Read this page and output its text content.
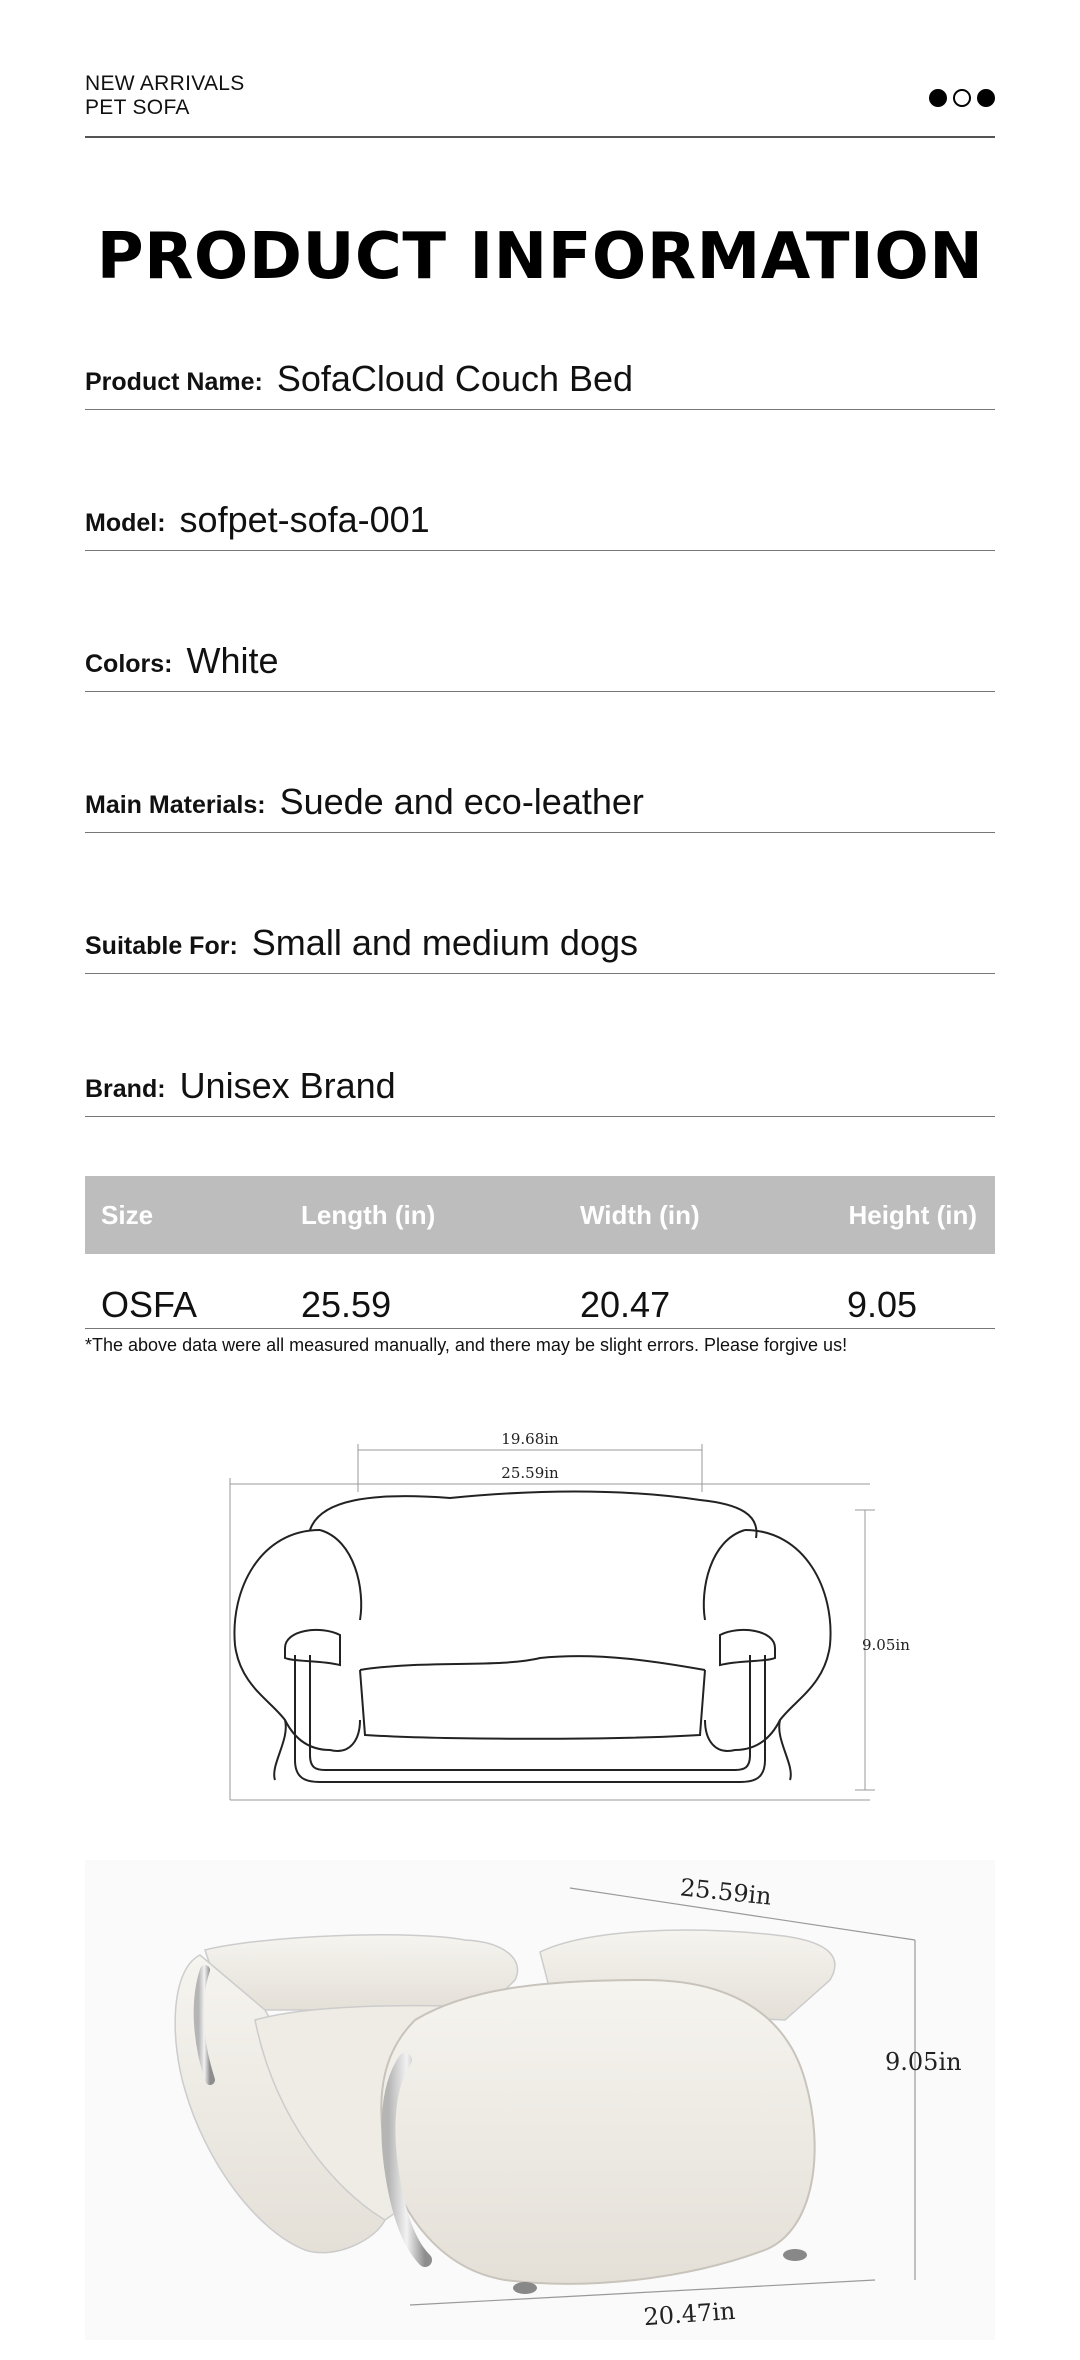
NEW ARRIVALS
PET SOFA
PRODUCT INFORMATION
Product Name: SofaCloud Couch Bed
Model: sofpet-sofa-001
Colors: White
Main Materials: Suede and eco-leather
Suitable For: Small and medium dogs
Brand: Unisex Brand
Size	Length (in)	Width (in)	Height (in)
OSFA	25.59	20.47	9.05
*The above data were all measured manually, and there may be slight errors. Please forgive us!
19.68in
25.59in
9.05in
25.59in
9.05in
20.47in
